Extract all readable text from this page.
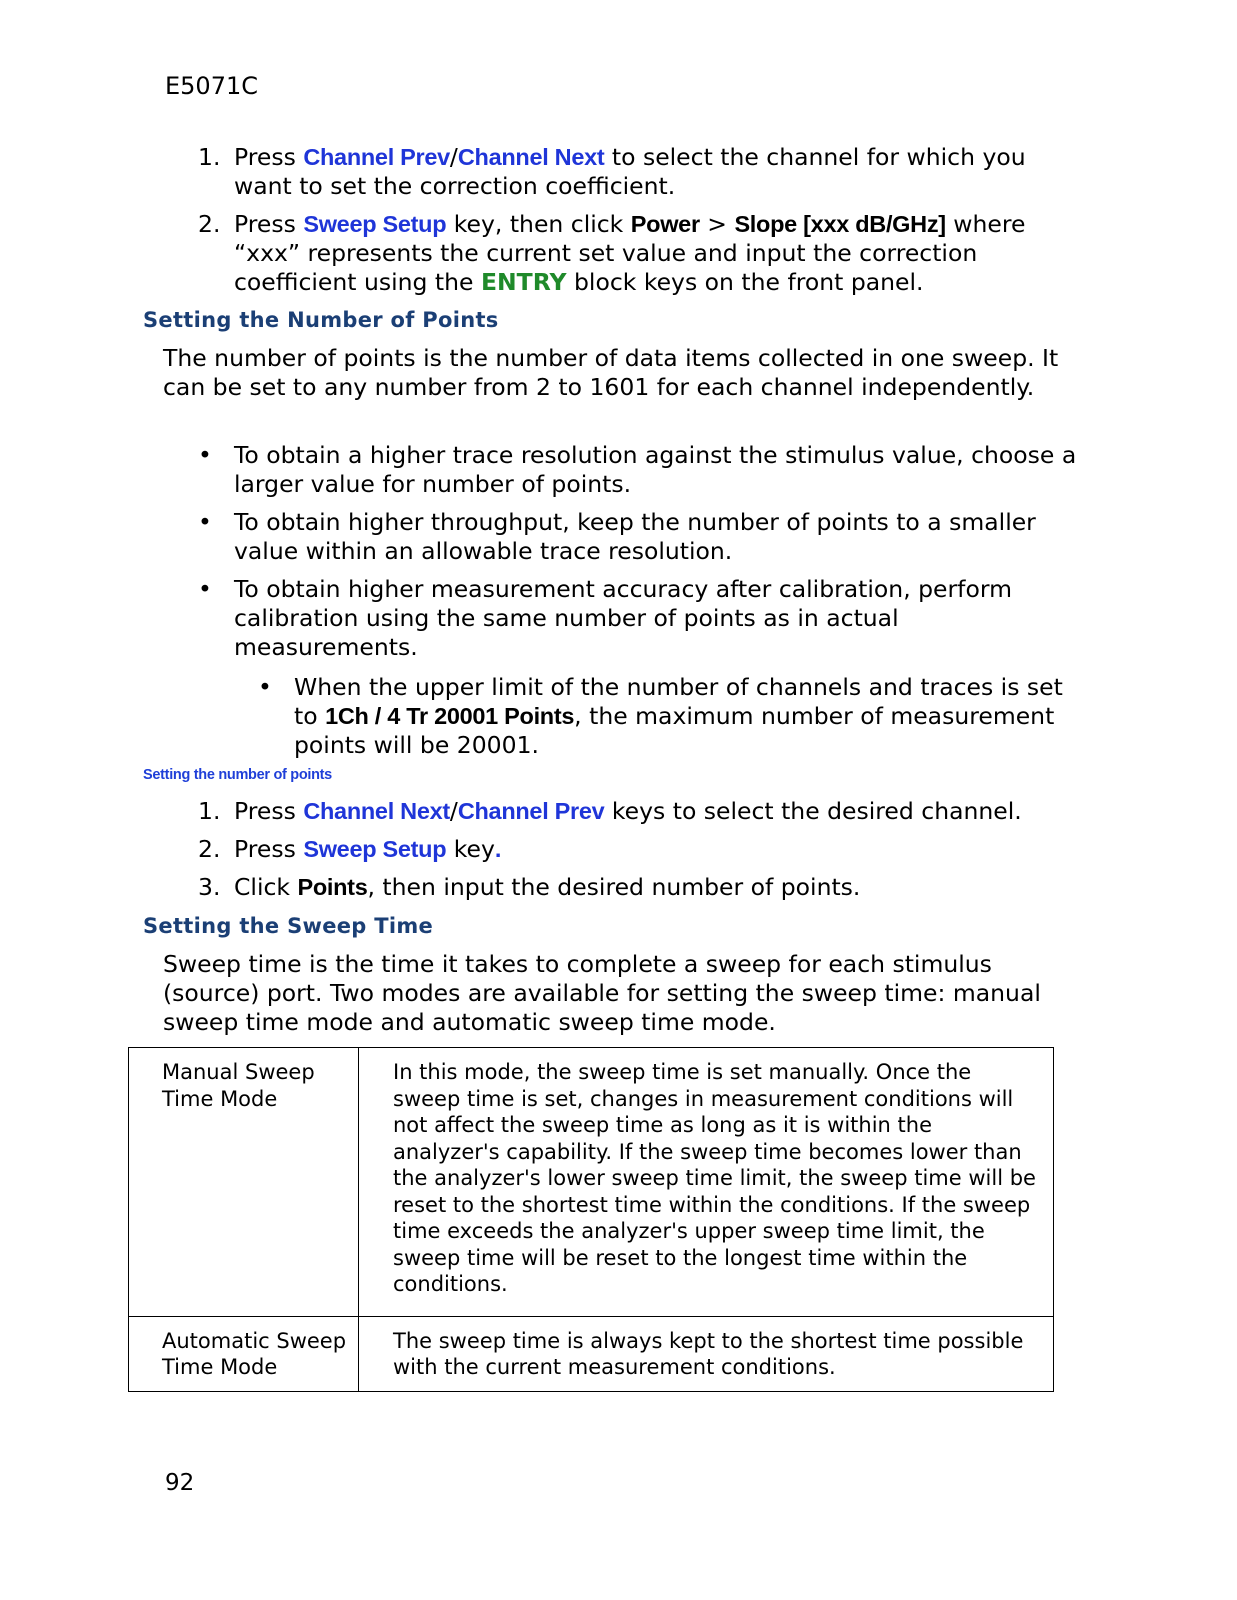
E5071C
1. Press Channel Prev/Channel Next to select the channel for which you want to set the correction coefficient.
2. Press Sweep Setup key, then click Power > Slope [xxx dB/GHz] where “xxx” represents the current set value and input the correction coefficient using the ENTRY block keys on the front panel.
Setting the Number of Points

The number of points is the number of data items collected in one sweep. It can be set to any number from 2 to 1601 for each channel independently.

• To obtain a higher trace resolution against the stimulus value, choose a larger value for number of points.
• To obtain higher throughput, keep the number of points to a smaller value within an allowable trace resolution.
• To obtain higher measurement accuracy after calibration, perform calibration using the same number of points as in actual measurements.
• When the upper limit of the number of channels and traces is set to 1Ch / 4 Tr 20001 Points, the maximum number of measurement points will be 20001.
Setting the number of points
1. Press Channel Next/Channel Prev keys to select the desired channel.
2. Press Sweep Setup key.
3. Click Points, then input the desired number of points.
Setting the Sweep Time

Sweep time is the time it takes to complete a sweep for each stimulus (source) port. Two modes are available for setting the sweep time: manual sweep time mode and automatic sweep time mode.

Manual Sweep Time Mode	In this mode, the sweep time is set manually. Once the sweep time is set, changes in measurement conditions will not affect the sweep time as long as it is within the analyzer's capability. If the sweep time becomes lower than the analyzer's lower sweep time limit, the sweep time will be reset to the shortest time within the conditions. If the sweep time exceeds the analyzer's upper sweep time limit, the sweep time will be reset to the longest time within the conditions.
Automatic Sweep Time Mode	The sweep time is always kept to the shortest time possible with the current measurement conditions.
92
